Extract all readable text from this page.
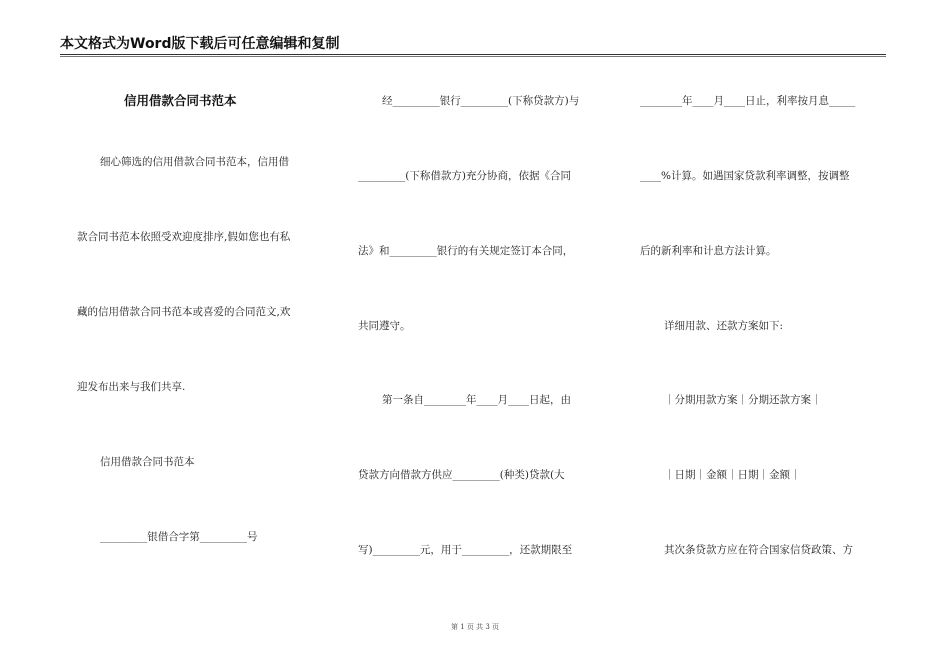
本文格式为Word版下载后可任意编辑和复制
信用借款合同书范本
细心筛选的信用借款合同书范本，信用借
款合同书范本依照受欢迎度排序,假如您也有私
藏的信用借款合同书范本或喜爱的合同范文,欢
迎发布出来与我们共享.
信用借款合同书范本
_________银借合字第_________号
经_________银行_________(下称贷款方)与
_________(下称借款方)充分协商，依据《合同
法》和_________银行的有关规定签订本合同，
共同遵守。
第一条自________年____月____日起，由
贷款方向借款方供应_________(种类)贷款(大
写)_________元，用于_________，还款期限至
________年____月____日止，利率按月息_____
____%计算。如遇国家贷款利率调整，按调整
后的新利率和计息方法计算。
详细用款、还款方案如下:
｜分期用款方案｜分期还款方案｜
｜日期｜金额｜日期｜金额｜
其次条贷款方应在符合国家信贷政策、方
第 1 页 共 3 页
